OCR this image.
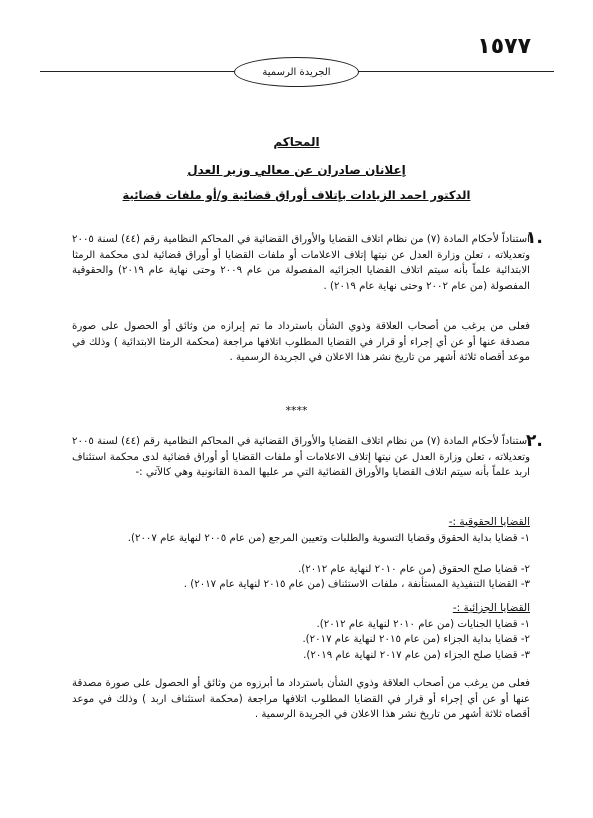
١٥٧٧
الجريدة الرسمية
المحاكم
إعلانان صادران عن معالي وزير العدل
الدكتور احمد الزيادات بإتلاف أوراق قضائية و/أو ملفات قضائية
١.
استناداً لأحكام المادة (٧) من نظام اتلاف القضايا والأوراق القضائية في المحاكم النظامية رقم (٤٤) لسنة ٢٠٠٥ وتعديلاته ، تعلن وزارة العدل عن نيتها إتلاف الاعلامات أو ملفات القضايا أو أوراق قضائية لدى محكمة الرمثا الابتدائية علماً بأنه سيتم اتلاف القضايا الجزائيه المفصولة من عام ٢٠٠٩ وحتى نهاية عام ٢٠١٩) والحقوقية المفصولة (من عام ٢٠٠٢ وحتى نهاية عام ٢٠١٩) .
فعلى من يرغب من أصحاب العلاقة وذوي الشأن باسترداد ما تم إبرازه من وثائق أو الحصول على صورة مصدقة عنها أو عن أي إجراء أو قرار في القضايا المطلوب اتلافها مراجعة (محكمة الرمثا الابتدائية ) وذلك في موعد أقصاه ثلاثة أشهر من تاريخ نشر هذا الاعلان في الجريدة الرسمية .
****
٢.
استناداً لأحكام المادة (٧) من نظام اتلاف القضايا والأوراق القضائية في المحاكم النظامية رقم (٤٤) لسنة ٢٠٠٥ وتعديلاته ، تعلن وزارة العدل عن نيتها إتلاف الاعلامات أو ملفات القضايا أو أوراق قضائية لدى محكمة استئناف اربد علماً بأنه سيتم اتلاف القضايا والأوراق القضائية التي مر عليها المدة القانونية وهي كالآتي :-
القضايا الحقوقية :-
١- قضايا بداية الحقوق وقضايا التسوية والطلبات وتعيين المرجع (من عام ٢٠٠٥ لنهاية عام ٢٠٠٧).
٢- قضايا صلح الحقوق (من عام ٢٠١٠ لنهاية عام ٢٠١٢).
٣- القضايا التنفيذية المستأنفة ، ملفات الاستئناف (من عام ٢٠١٥ لنهاية عام ٢٠١٧) .
القضايا الجزائية :-
١- قضايا الجنايات (من عام ٢٠١٠ لنهاية عام ٢٠١٢).
٢- قضايا بداية الجزاء (من عام ٢٠١٥ لنهاية عام ٢٠١٧).
٣- قضايا صلح الجزاء (من عام ٢٠١٧ لنهاية عام ٢٠١٩).
فعلى من يرغب من أصحاب العلاقة وذوي الشأن باسترداد ما أبرزوه من وثائق أو الحصول على صورة مصدقة عنها أو عن أي إجراء أو قرار في القضايا المطلوب اتلافها مراجعة (محكمة استئناف اربد ) وذلك في موعد أقصاه ثلاثة أشهر من تاريخ نشر هذا الاعلان في الجريدة الرسمية .
